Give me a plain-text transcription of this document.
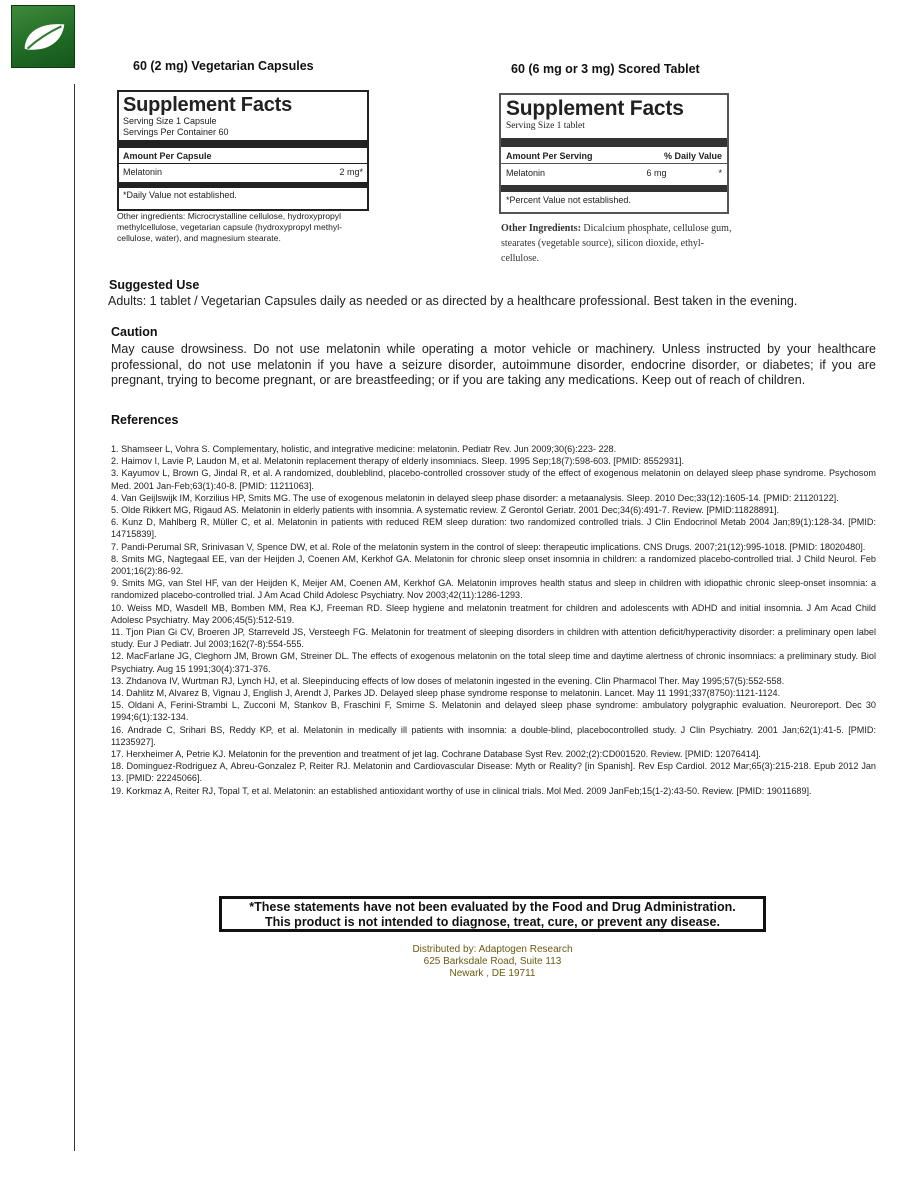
60 (2 mg) Vegetarian Capsules	60 (6 mg or 3 mg) Scored Tablet
Supplement Facts
Serving Size 1 Capsule
Servings Per Container 60
Amount Per Capsule
Melatonin	2 mg*
*Daily Value not established.
Other ingredients: Microcrystalline cellulose, hydroxypropyl methylcellulose, vegetarian capsule (hydroxypropyl methyl-cellulose, water), and magnesium stearate.
Supplement Facts
Serving Size 1 tablet
Amount Per Serving	% Daily Value
Melatonin	6 mg	*
*Percent Value not established.
Other Ingredients: Dicalcium phosphate, cellulose gum, stearates (vegetable source), silicon dioxide, ethyl-cellulose.
Suggested Use
Adults: 1 tablet / Vegetarian Capsules daily as needed or as directed by a healthcare professional. Best taken in the evening.
Caution
May cause drowsiness. Do not use melatonin while operating a motor vehicle or machinery. Unless instructed by your healthcare professional, do not use melatonin if you have a seizure disorder, autoimmune disorder, endocrine disorder, or diabetes; if you are pregnant, trying to become pregnant, or are breastfeeding; or if you are taking any medications. Keep out of reach of children.
References
1. Shamseer L, Vohra S. Complementary, holistic, and integrative medicine: melatonin. Pediatr Rev. Jun 2009;30(6):223- 228.
2. Haimov I, Lavie P, Laudon M, et al. Melatonin replacement therapy of elderly insomniacs. Sleep. 1995 Sep;18(7):598-603. [PMID: 8552931].
3. Kayumov L, Brown G, Jindal R, et al. A randomized, doubleblind, placebo-controlled crossover study of the effect of exogenous melatonin on delayed sleep phase syndrome. Psychosom Med. 2001 Jan-Feb;63(1):40-8. [PMID: 11211063].
4. Van Geijlswijk IM, Korzilius HP, Smits MG. The use of exogenous melatonin in delayed sleep phase disorder: a metaanalysis. Sleep. 2010 Dec;33(12):1605-14. [PMID: 21120122].
5. Olde Rikkert MG, Rigaud AS. Melatonin in elderly patients with insomnia. A systematic review. Z Gerontol Geriatr. 2001 Dec;34(6):491-7. Review. [PMID:11828891].
6. Kunz D, Mahlberg R, Müller C, et al. Melatonin in patients with reduced REM sleep duration: two randomized controlled trials. J Clin Endocrinol Metab 2004 Jan;89(1):128-34. [PMID: 14715839].
7. Pandi-Perumal SR, Srinivasan V, Spence DW, et al. Role of the melatonin system in the control of sleep: therapeutic implications. CNS Drugs. 2007;21(12):995-1018. [PMID: 18020480].
8. Smits MG, Nagtegaal EE, van der Heijden J, Coenen AM, Kerkhof GA. Melatonin for chronic sleep onset insomnia in children: a randomized placebo-controlled trial. J Child Neurol. Feb 2001;16(2):86-92.
9. Smits MG, van Stel HF, van der Heijden K, Meijer AM, Coenen AM, Kerkhof GA. Melatonin improves health status and sleep in children with idiopathic chronic sleep-onset insomnia: a randomized placebo-controlled trial. J Am Acad Child Adolesc Psychiatry. Nov 2003;42(11):1286-1293.
10. Weiss MD, Wasdell MB, Bomben MM, Rea KJ, Freeman RD. Sleep hygiene and melatonin treatment for children and adolescents with ADHD and initial insomnia. J Am Acad Child Adolesc Psychiatry. May 2006;45(5):512-519.
11. Tjon Pian Gi CV, Broeren JP, Starreveld JS, Versteegh FG. Melatonin for treatment of sleeping disorders in children with attention deficit/hyperactivity disorder: a preliminary open label study. Eur J Pediatr. Jul 2003;162(7-8):554-555.
12. MacFarlane JG, Cleghorn JM, Brown GM, Streiner DL. The effects of exogenous melatonin on the total sleep time and daytime alertness of chronic insomniacs: a preliminary study. Biol Psychiatry. Aug 15 1991;30(4):371-376.
13. Zhdanova IV, Wurtman RJ, Lynch HJ, et al. Sleepinducing effects of low doses of melatonin ingested in the evening. Clin Pharmacol Ther. May 1995;57(5):552-558.
14. Dahlitz M, Alvarez B, Vignau J, English J, Arendt J, Parkes JD. Delayed sleep phase syndrome response to melatonin. Lancet. May 11 1991;337(8750):1121-1124.
15. Oldani A, Ferini-Strambi L, Zucconi M, Stankov B, Fraschini F, Smirne S. Melatonin and delayed sleep phase syndrome: ambulatory polygraphic evaluation. Neuroreport. Dec 30 1994;6(1):132-134.
16. Andrade C, Srihari BS, Reddy KP, et al. Melatonin in medically ill patients with insomnia: a double-blind, placebocontrolled study. J Clin Psychiatry. 2001 Jan;62(1):41-5. [PMID: 11235927].
17. Herxheimer A, Petrie KJ. Melatonin for the prevention and treatment of jet lag. Cochrane Database Syst Rev. 2002;(2):CD001520. Review. [PMID: 12076414].
18. Dominguez-Rodriguez A, Abreu-Gonzalez P, Reiter RJ. Melatonin and Cardiovascular Disease: Myth or Reality? [in Spanish]. Rev Esp Cardiol. 2012 Mar;65(3):215-218. Epub 2012 Jan 13. [PMID: 22245066].
19. Korkmaz A, Reiter RJ, Topal T, et al. Melatonin: an established antioxidant worthy of use in clinical trials. Mol Med. 2009 JanFeb;15(1-2):43-50. Review. [PMID: 19011689].
*These statements have not been evaluated by the Food and Drug Administration.
This product is not intended to diagnose, treat, cure, or prevent any disease.
Distributed by: Adaptogen Research
625 Barksdale Road, Suite 113
Newark , DE 19711
